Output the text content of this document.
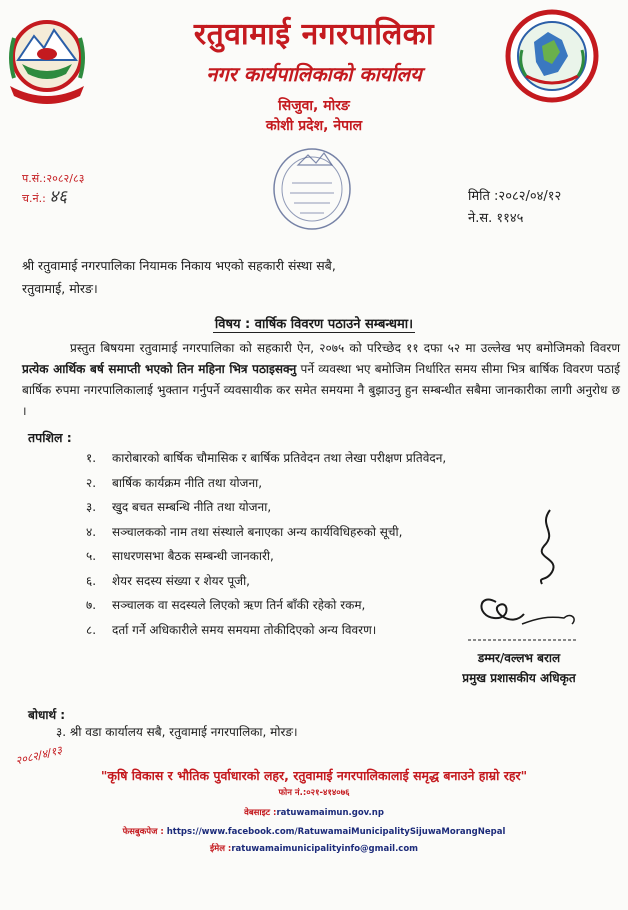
रतुवामाई नगरपालिका
नगर कार्यपालिकाको कार्यालय
सिजुवा, मोरङ
कोशी प्रदेश, नेपाल
प.सं.:२०८२/८३
च.नं.: ४६	मिति :२०८२/०४/१२
ने.स. ११४५
श्री रतुवामाई नगरपालिका नियामक निकाय भएको सहकारी संस्था सबै,
रतुवामाई, मोरङ।
विषय : वार्षिक विवरण पठाउने सम्बन्धमा।
प्रस्तुत बिषयमा रतुवामाई नगरपालिका को सहकारी ऐन, २०७५ को परिच्छेद ११ दफा ५२ मा उल्लेख भए बमोजिमको विवरण प्रत्येक आर्थिक बर्ष समाप्ती भएको तिन महिना भित्र पठाइसक्नु पर्ने व्यवस्था भए बमोजिम निर्धारित समय सीमा भित्र बार्षिक विवरण पठाई बार्षिक रुपमा नगरपालिकालाई भुक्तान गर्नुपर्ने व्यवसायीक कर समेत समयमा नै बुझाउनु हुन सम्बन्धीत सबैमा जानकारीका लागी अनुरोध छ ।
तपशिल :
१. कारोबारको बार्षिक चौमासिक र बार्षिक प्रतिवेदन तथा लेखा परीक्षण प्रतिवेदन,
२. बार्षिक कार्यक्रम नीति तथा योजना,
३. खुद बचत सम्बन्धि नीति तथा योजना,
४. सञ्चालकको नाम तथा संस्थाले बनाएका अन्य कार्यविधिहरुको सूची,
५. साधरणसभा बैठक सम्बन्धी जानकारी,
६. शेयर सदस्य संख्या र शेयर पूजी,
७. सञ्चालक वा सदस्यले लिएको ऋण तिर्न बाँकी रहेको रकम,
८. दर्ता गर्ने अधिकारीले समय समयमा तोकीदिएको अन्य विवरण।
डम्मर/वल्लभ बराल
प्रमुख प्रशासकीय अधिकृत
बोधार्थ :
३. श्री वडा कार्यालय सबै, रतुवामाई नगरपालिका, मोरङ।
२०८२/४/१३
"कृषि विकास र भौतिक पुर्वाधारको लहर, रतुवामाई नगरपालिकालाई समृद्ध बनाउने हाम्रो रहर"
फोन नं.:०२१-४१४०७६
वेबसाइट :ratuwamaimun.gov.np
फेसबुकपेज : https://www.facebook.com/RatuwamaiMunicipalitySijuwaMorangNepal
ईमेल :ratuwamaimunicipalityinfo@gmail.com
